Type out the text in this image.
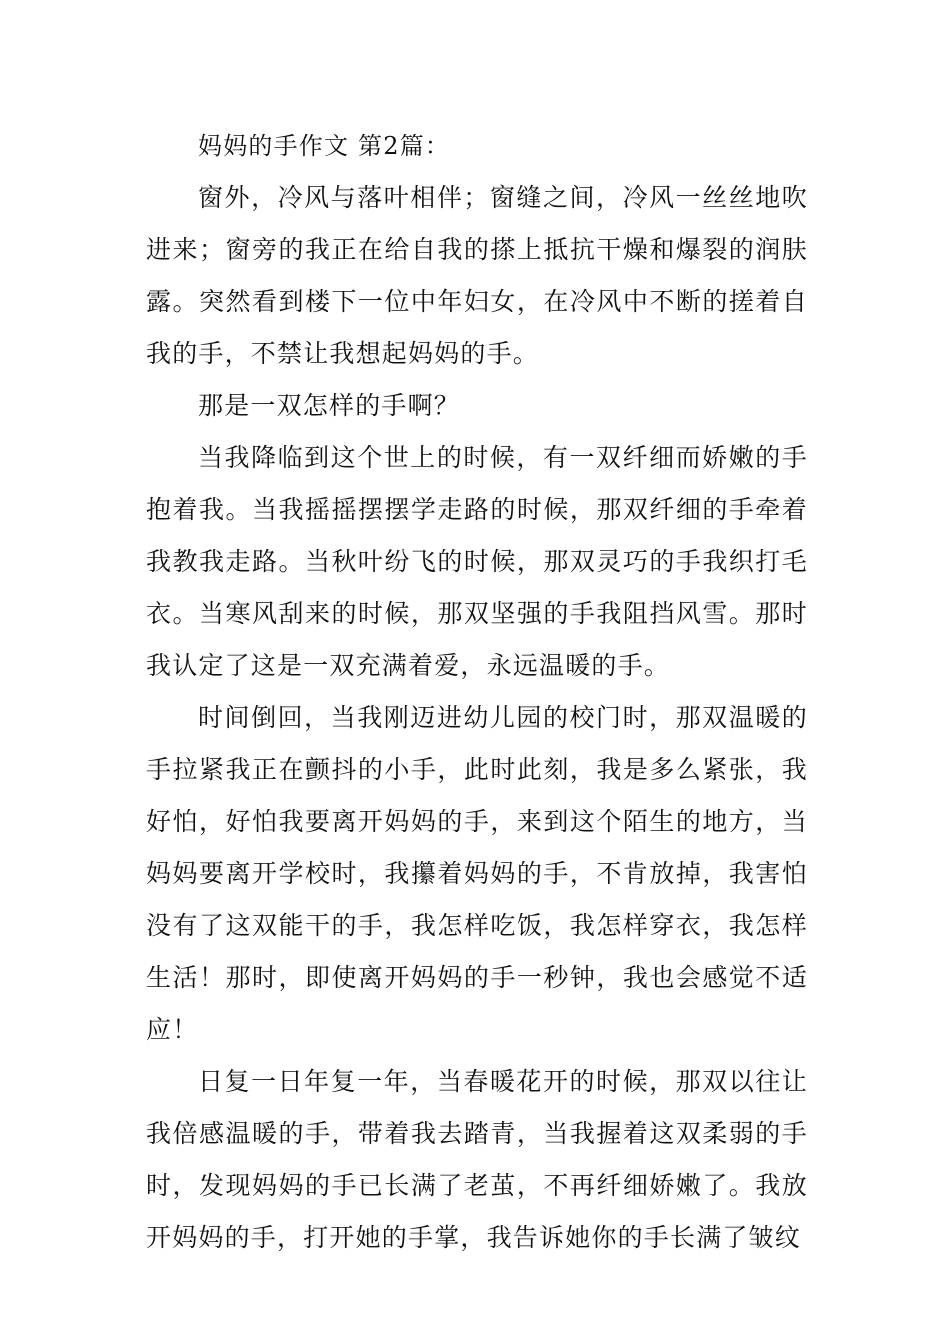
妈妈的手作文 第2篇：

窗外，冷风与落叶相伴；窗缝之间，冷风一丝丝地吹进来；窗旁的我正在给自我的搽上抵抗干燥和爆裂的润肤露。突然看到楼下一位中年妇女，在冷风中不断的搓着自我的手，不禁让我想起妈妈的手。

那是一双怎样的手啊？

当我降临到这个世上的时候，有一双纤细而娇嫩的手抱着我。当我摇摇摆摆学走路的时候，那双纤细的手牵着我教我走路。当秋叶纷飞的时候，那双灵巧的手我织打毛衣。当寒风刮来的时候，那双坚强的手我阻挡风雪。那时我认定了这是一双充满着爱，永远温暖的手。

时间倒回，当我刚迈进幼儿园的校门时，那双温暖的手拉紧我正在颤抖的小手，此时此刻，我是多么紧张，我好怕，好怕我要离开妈妈的手，来到这个陌生的地方，当妈妈要离开学校时，我攥着妈妈的手，不肯放掉，我害怕没有了这双能干的手，我怎样吃饭，我怎样穿衣，我怎样生活！那时，即使离开妈妈的手一秒钟，我也会感觉不适应！

日复一日年复一年，当春暖花开的时候，那双以往让我倍感温暖的手，带着我去踏青，当我握着这双柔弱的手时，发现妈妈的手已长满了老茧，不再纤细娇嫩了。我放开妈妈的手，打开她的手掌，我告诉她你的手长满了皱纹
